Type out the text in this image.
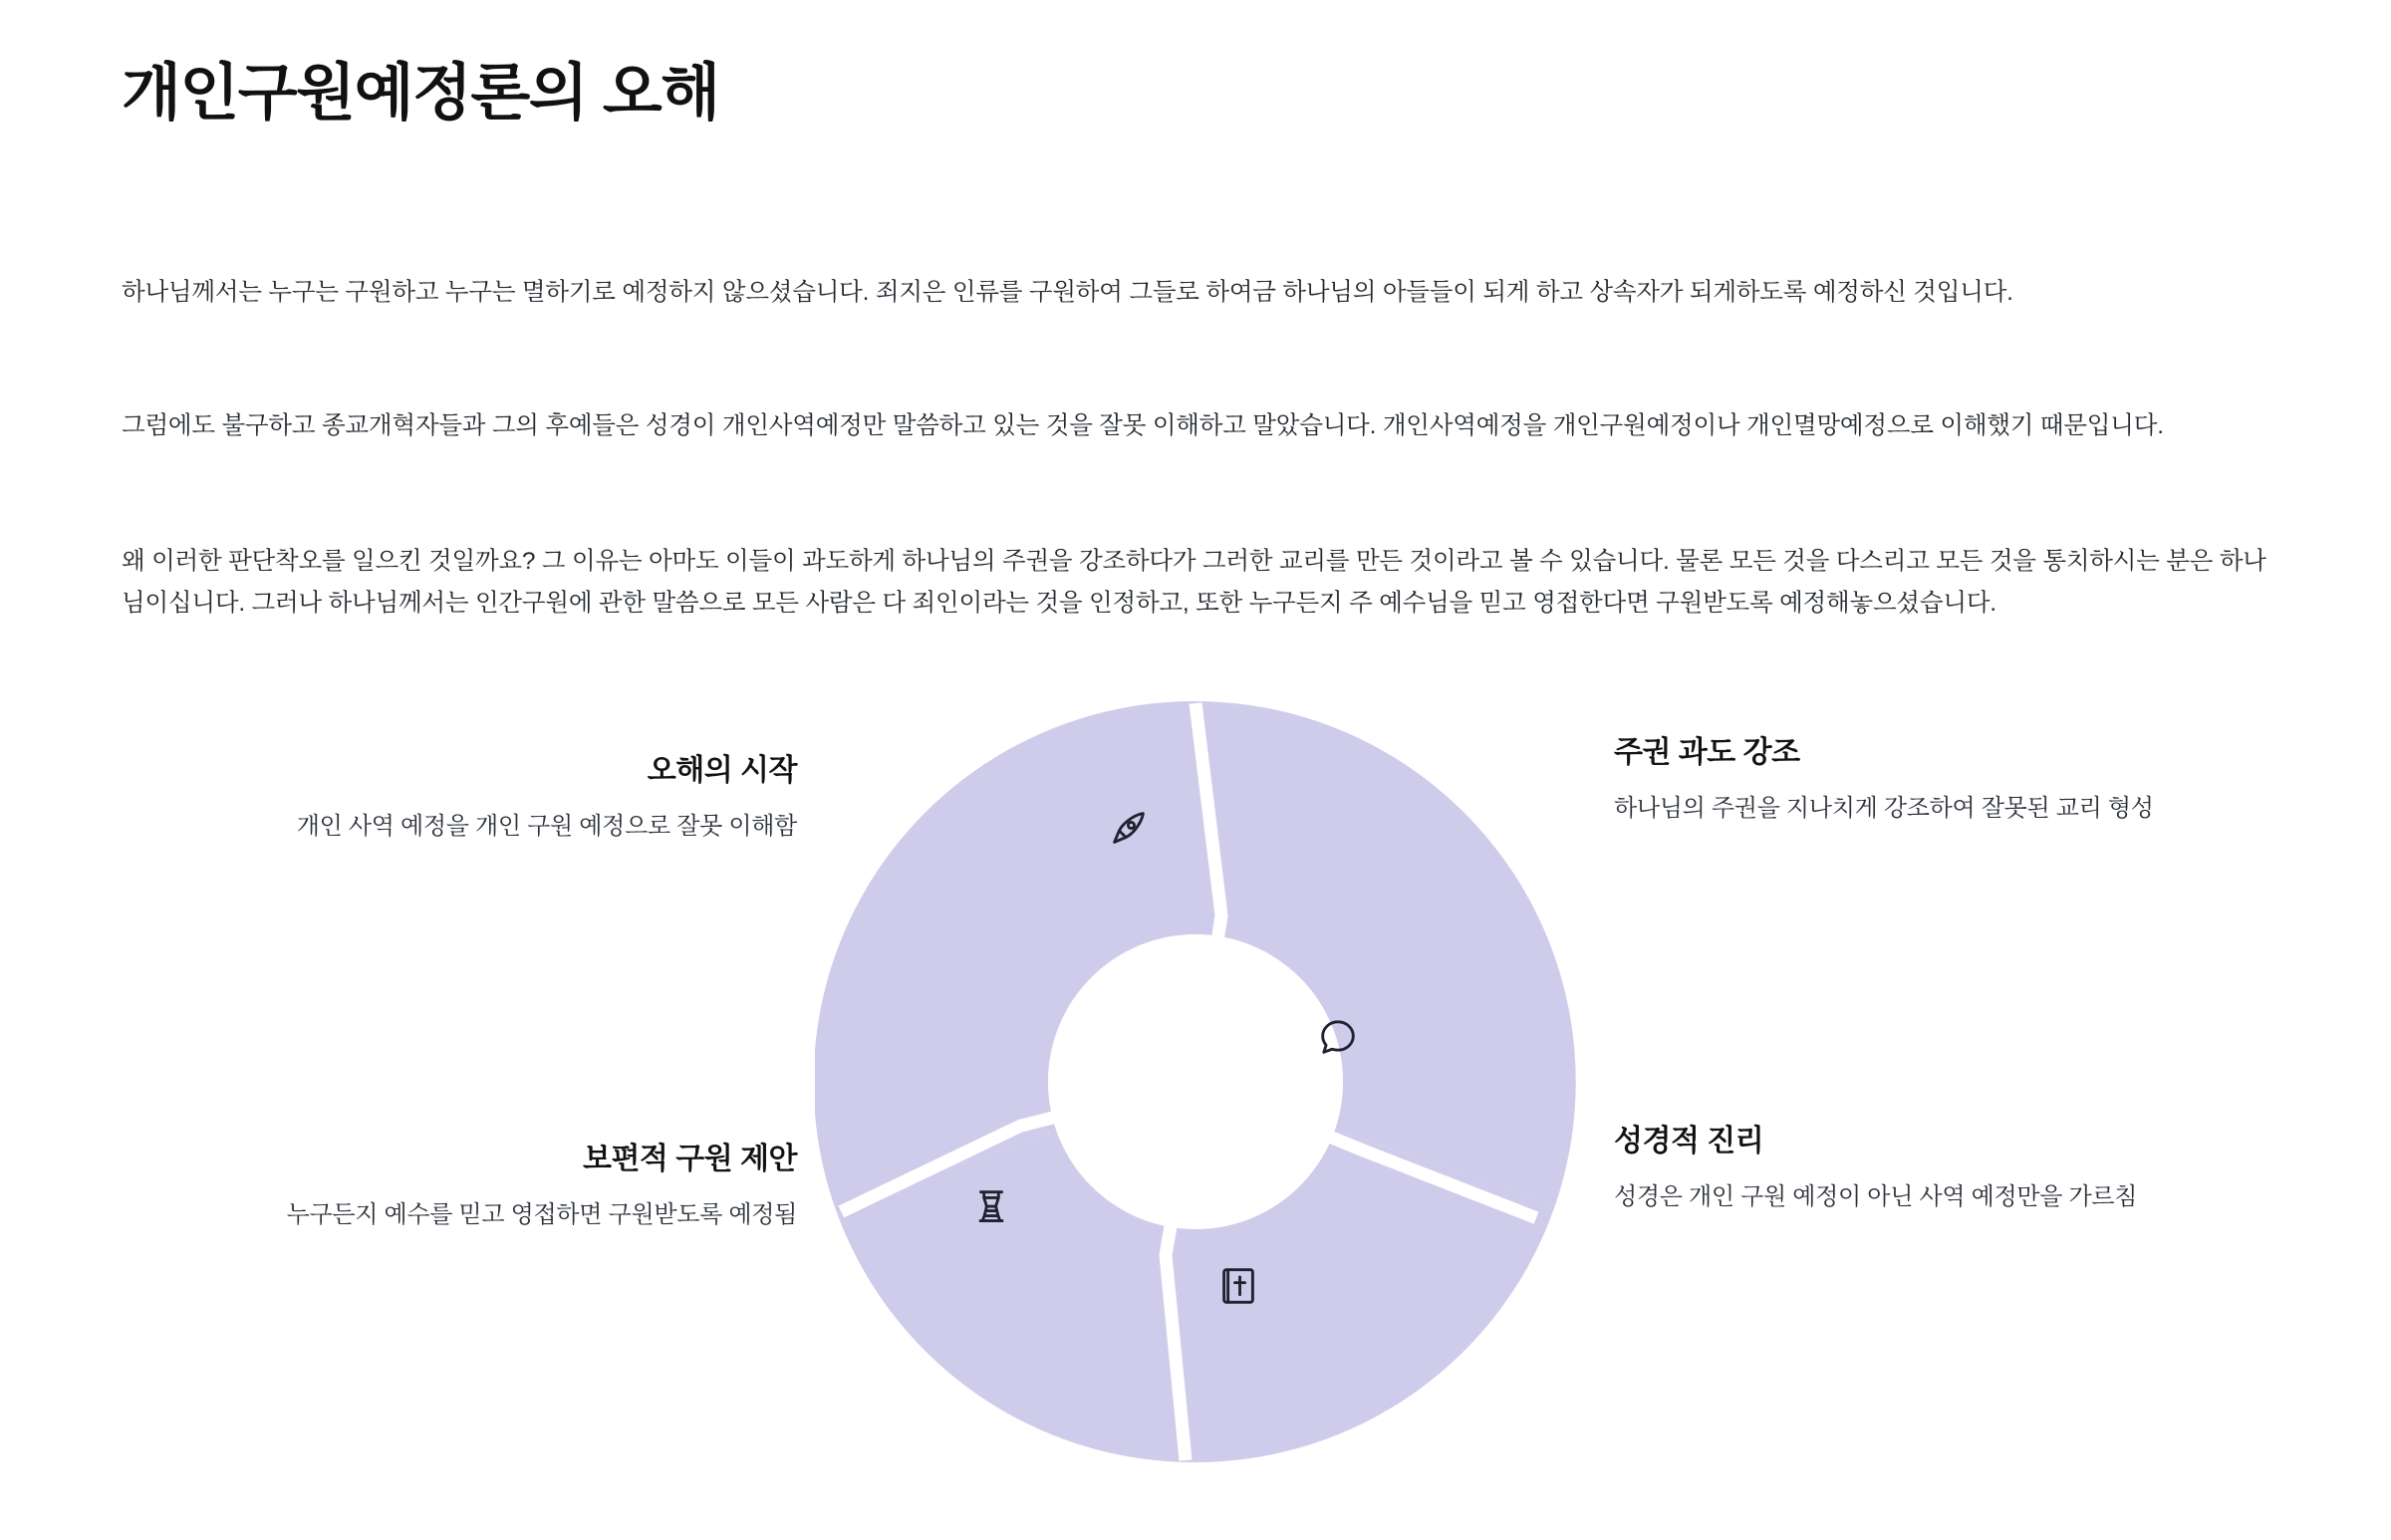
개인구원예정론의 오해

하나님께서는 누구는 구원하고 누구는 멸하기로 예정하지 않으셨습니다. 죄지은 인류를 구원하여 그들로 하여금 하나님의 아들들이 되게 하고 상속자가 되게하도록 예정하신 것입니다.

그럼에도 불구하고 종교개혁자들과 그의 후예들은 성경이 개인사역예정만 말씀하고 있는 것을 잘못 이해하고 말았습니다. 개인사역예정을 개인구원예정이나 개인멸망예정으로 이해했기 때문입니다.

왜 이러한 판단착오를 일으킨 것일까요? 그 이유는 아마도 이들이 과도하게 하나님의 주권을 강조하다가 그러한 교리를 만든 것이라고 볼 수 있습니다. 물론 모든 것을 다스리고 모든 것을 통치하시는 분은 하나님이십니다. 그러나 하나님께서는 인간구원에 관한 말씀으로 모든 사람은 다 죄인이라는 것을 인정하고, 또한 누구든지 주 예수님을 믿고 영접한다면 구원받도록 예정해놓으셨습니다.

오해의 시작

개인 사역 예정을 개인 구원 예정으로 잘못 이해함

보편적 구원 제안

누구든지 예수를 믿고 영접하면 구원받도록 예정됨

주권 과도 강조

하나님의 주권을 지나치게 강조하여 잘못된 교리 형성

성경적 진리

성경은 개인 구원 예정이 아닌 사역 예정만을 가르침
